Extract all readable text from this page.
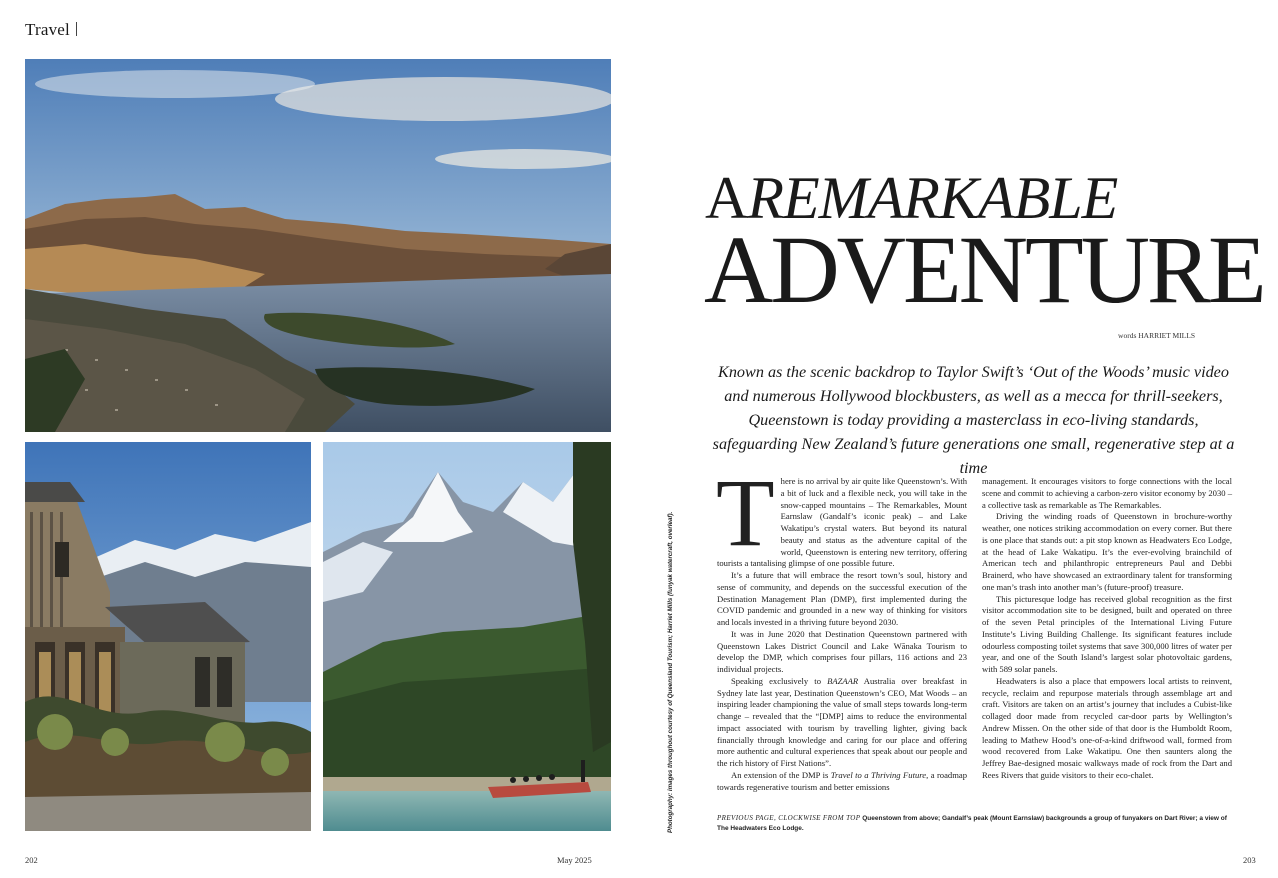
Travel
Photography: images throughout courtesy of Queensland Tourism; Harriet Mills (funyak watercraft, overleaf).
AREMARKABLE
ADVENTURE
words HARRIET MILLS
Known as the scenic backdrop to Taylor Swift’s ‘Out of the Woods’ music video and numerous Hollywood blockbusters, as well as a mecca for thrill-seekers, Queenstown is today providing a masterclass in eco-living standards, safeguarding New Zealand’s future generations one small, regenerative step at a time

There is no arrival by air quite like Queenstown’s. With a bit of luck and a flexible neck, you will take in the snow-capped mountains – The Remarkables, Mount Earnslaw (Gandalf’s iconic peak) – and Lake Wakatipu’s crystal waters. But beyond its natural beauty and status as the adventure capital of the world, Queenstown is entering new territory, offering tourists a tantalising glimpse of one possible future.

It’s a future that will embrace the resort town’s soul, history and sense of community, and depends on the successful execution of the Destination Management Plan (DMP), first implemented during the COVID pandemic and grounded in a new way of thinking for visitors and locals invested in a thriving future beyond 2030.

It was in June 2020 that Destination Queenstown partnered with Queenstown Lakes District Council and Lake Wānaka Tourism to develop the DMP, which comprises four pillars, 116 actions and 23 individual projects.

Speaking exclusively to BAZAAR Australia over breakfast in Sydney late last year, Destination Queenstown’s CEO, Mat Woods – an inspiring leader championing the value of small steps towards long-term change – revealed that the “[DMP] aims to reduce the environmental impact associated with tourism by travelling lighter, giving back financially through knowledge and caring for our place and offering more authentic and cultural experiences that speak about our people and the rich history of First Nations”.

An extension of the DMP is Travel to a Thriving Future, a roadmap towards regenerative tourism and better emissions

management. It encourages visitors to forge connections with the local scene and commit to achieving a carbon-zero visitor economy by 2030 – a collective task as remarkable as The Remarkables.

Driving the winding roads of Queenstown in brochure-worthy weather, one notices striking accommodation on every corner. But there is one place that stands out: a pit stop known as Headwaters Eco Lodge, at the head of Lake Wakatipu. It’s the ever-evolving brainchild of American tech and philanthropic entrepreneurs Paul and Debbi Brainerd, who have showcased an extraordinary talent for transforming one man’s trash into another man’s (future-proof) treasure.

This picturesque lodge has received global recognition as the first visitor accommodation site to be designed, built and operated on three of the seven Petal principles of the International Living Future Institute’s Living Building Challenge. Its significant features include odourless composting toilet systems that save 300,000 litres of water per year, and one of the South Island’s largest solar photovoltaic gardens, with 589 solar panels.

Headwaters is also a place that empowers local artists to reinvent, recycle, reclaim and repurpose materials through assemblage art and craft. Visitors are taken on an artist’s journey that includes a Cubist-like collaged door made from recycled car-door parts by Wellington’s Andrew Missen. On the other side of that door is the Humboldt Room, leading to Mathew Hood’s one-of-a-kind driftwood wall, formed from wood recovered from Lake Wakatipu. One then saunters along the Jeffrey Bae-designed mosaic walkways made of rock from the Dart and Rees Rivers that guide visitors to their eco-chalet.

PREVIOUS PAGE, CLOCKWISE FROM TOP Queenstown from above; Gandalf’s peak (Mount Earnslaw) backgrounds a group of funyakers on Dart River; a view of The Headwaters Eco Lodge.
202	May 2025	203
